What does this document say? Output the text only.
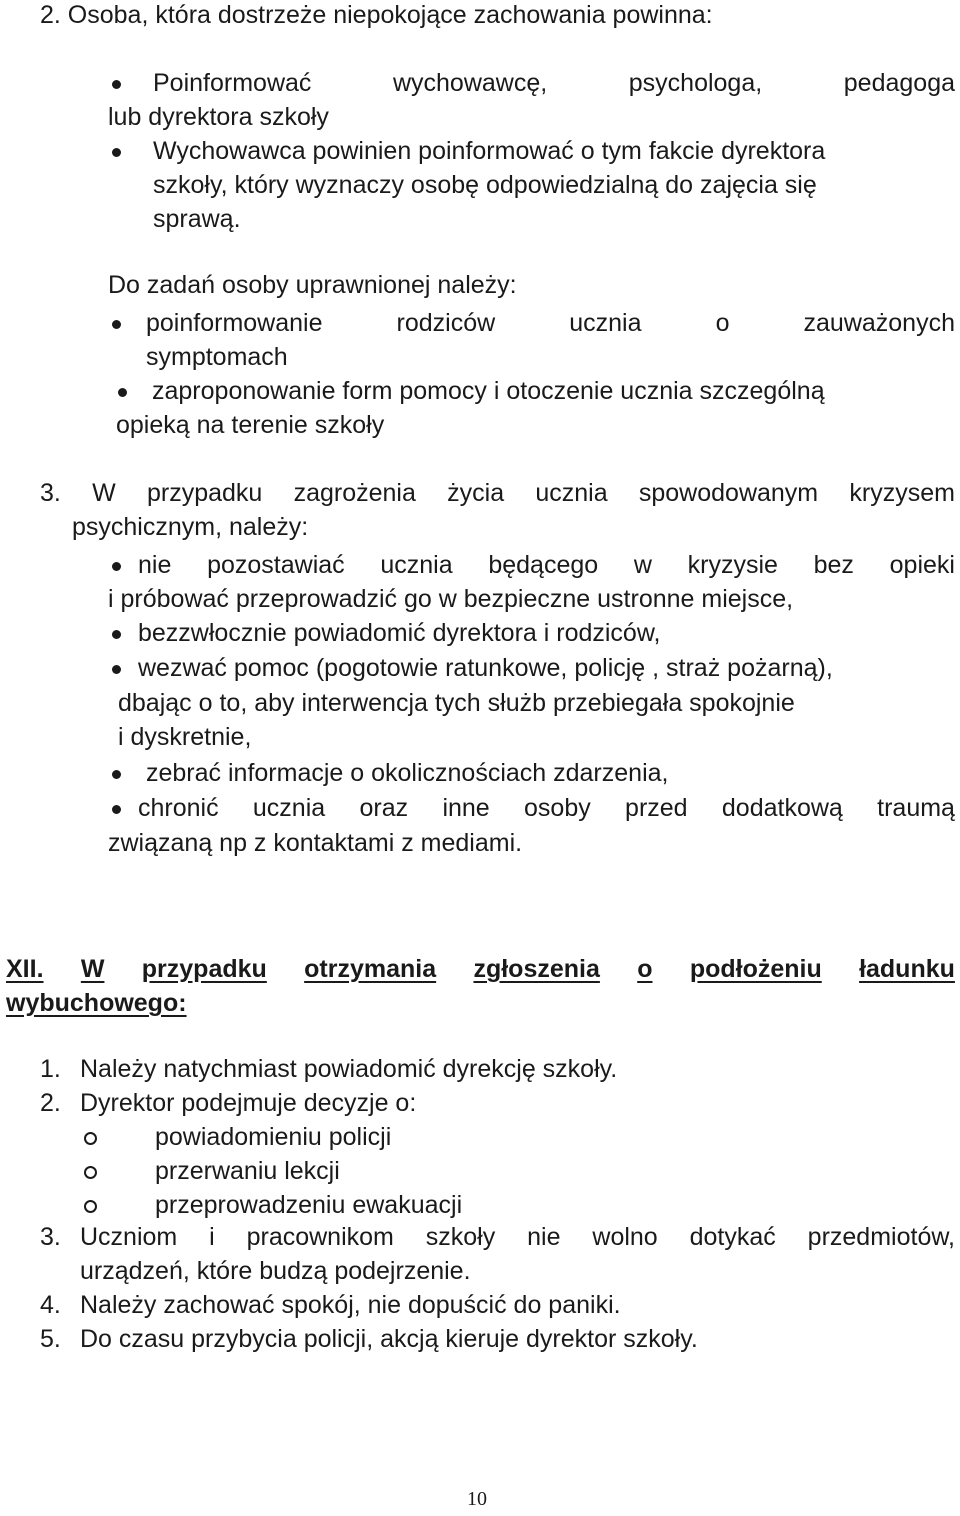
2. Osoba, która dostrzeże niepokojące zachowania powinna:
Poinformować	wychowawcę,	psychologa,	pedagoga
lub dyrektora szkoły
Wychowawca powinien poinformować o tym fakcie dyrektora
szkoły, który wyznaczy osobę odpowiedzialną do zajęcia się
sprawą.
Do zadań osoby uprawnionej należy:
poinformowanie	rodziców	ucznia	o	zauważonych
symptomach
zaproponowanie form pomocy i otoczenie ucznia szczególną
opieką na terenie szkoły
3. W przypadku zagrożenia życia ucznia spowodowanym kryzysem
psychicznym, należy:
nie pozostawiać ucznia będącego w kryzysie bez opieki
i próbować przeprowadzić go w bezpieczne ustronne miejsce,
bezzwłocznie powiadomić dyrektora i rodziców,
wezwać pomoc (pogotowie ratunkowe, policję , straż pożarną),
dbając o to, aby interwencja tych służb przebiegała spokojnie
i dyskretnie,
zebrać informacje o okolicznościach zdarzenia,
chronić ucznia oraz inne osoby przed dodatkową traumą
związaną np z kontaktami z mediami.
XII. W przypadku otrzymania zgłoszenia o podłożeniu ładunku
wybuchowego:
1. Należy natychmiast powiadomić dyrekcję szkoły.
2. Dyrektor podejmuje decyzje o:
powiadomieniu policji
przerwaniu lekcji
przeprowadzeniu ewakuacji
3. Uczniom i pracownikom szkoły nie wolno dotykać przedmiotów,
urządzeń, które budzą podejrzenie.
4. Należy zachować spokój, nie dopuścić do paniki.
5. Do czasu przybycia policji, akcją kieruje dyrektor szkoły.
10
